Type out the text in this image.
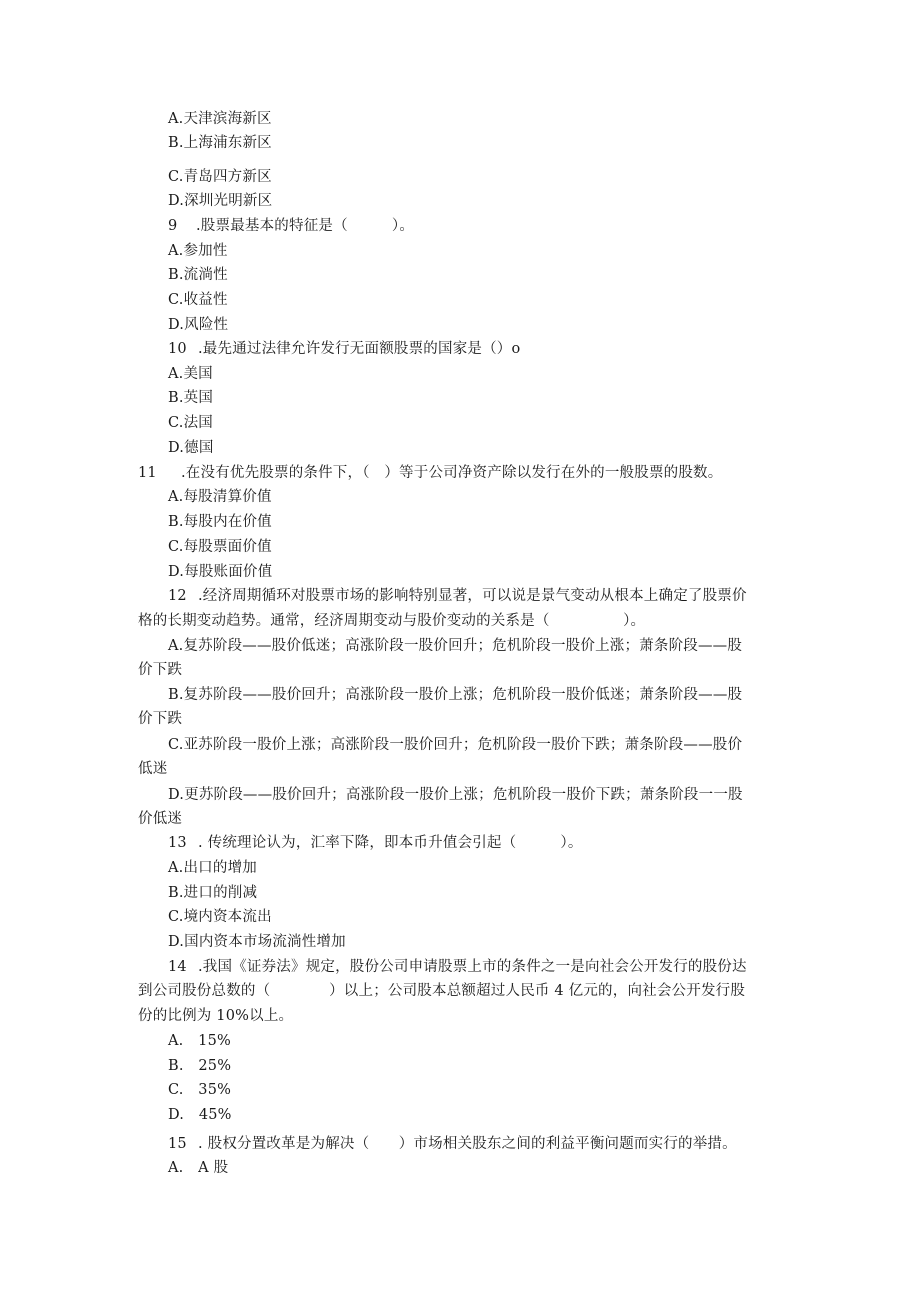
A.天津滨海新区
B.上海浦东新区
C.青岛四方新区
D.深圳光明新区
9 .股票最基本的特征是（　　　）。
A.参加性
B.流淌性
C.收益性
D.风险性
10 .最先通过法律允许发行无面额股票的国家是（）o
A.美国
B.英国
C.法国
D.德国
11 .在没有优先股票的条件下，（　）等于公司净资产除以发行在外的一般股票的股数。
A.每股清算价值
B.每股内在价值
C.每股票面价值
D.每股账面价值
12 .经济周期循环对股票市场的影响特别显著，可以说是景气变动从根本上确定了股票价
格的长期变动趋势。通常，经济周期变动与股价变动的关系是（　　　　　）。
A.复苏阶段——股价低迷；高涨阶段一股价回升；危机阶段一股价上涨；萧条阶段——股
价下跌
B.复苏阶段——股价回升；高涨阶段一股价上涨；危机阶段一股价低迷；萧条阶段——股
价下跌
C.亚苏阶段一股价上涨；高涨阶段一股价回升；危机阶段一股价下跌；萧条阶段——股价
低迷
D.更苏阶段——股价回升；高涨阶段一股价上涨；危机阶段一股价下跌；萧条阶段一一股
价低迷
13 . 传统理论认为，汇率下降，即本币升值会引起（　　　）。
A.出口的增加
B.进口的削减
C.境内资本流出
D.国内资本市场流淌性增加
14 .我国《证券法》规定，股份公司申请股票上市的条件之一是向社会公开发行的股份达
到公司股份总数的（　　　　）以上；公司股本总额超过人民币 4 亿元的，向社会公开发行股
份的比例为 10%以上。
A.　15%
B.　25%
C.　35%
D.　45%
15 . 股权分置改革是为解决（　　）市场相关股东之间的利益平衡问题而实行的举措。
A.　A 股
